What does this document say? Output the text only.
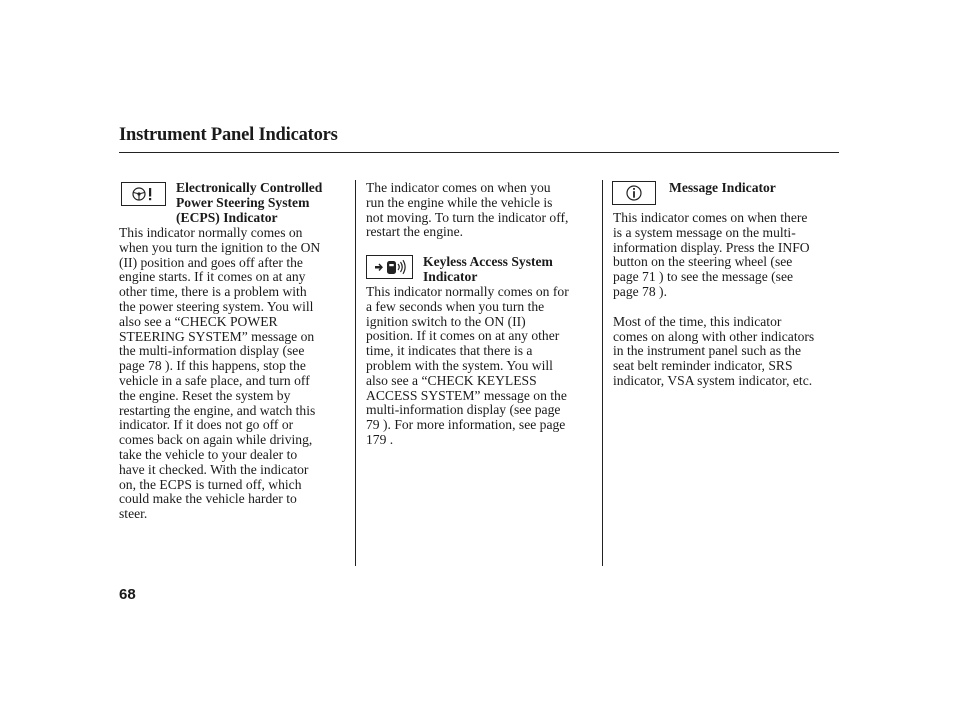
Instrument Panel Indicators
Electronically Controlled
Power Steering System
(ECPS) Indicator

This indicator normally comes on
when you turn the ignition to the ON
(II) position and goes off after the
engine starts. If it comes on at any
other time, there is a problem with
the power steering system. You will
also see a “CHECK POWER
STEERING SYSTEM” message on
the multi-information display (see
page 78 ). If this happens, stop the
vehicle in a safe place, and turn off
the engine. Reset the system by
restarting the engine, and watch this
indicator. If it does not go off or
comes back on again while driving,
take the vehicle to your dealer to
have it checked. With the indicator
on, the ECPS is turned off, which
could make the vehicle harder to
steer.

The indicator comes on when you
run the engine while the vehicle is
not moving. To turn the indicator off,
restart the engine.

Keyless Access System
Indicator

This indicator normally comes on for
a few seconds when you turn the
ignition switch to the ON (II)
position. If it comes on at any other
time, it indicates that there is a
problem with the system. You will
also see a “CHECK KEYLESS
ACCESS SYSTEM” message on the
multi-information display (see page
79 ). For more information, see page
179 .

Message Indicator

This indicator comes on when there
is a system message on the multi-
information display. Press the INFO
button on the steering wheel (see
page 71 ) to see the message (see
page 78 ).

Most of the time, this indicator
comes on along with other indicators
in the instrument panel such as the
seat belt reminder indicator, SRS
indicator, VSA system indicator, etc.

68
